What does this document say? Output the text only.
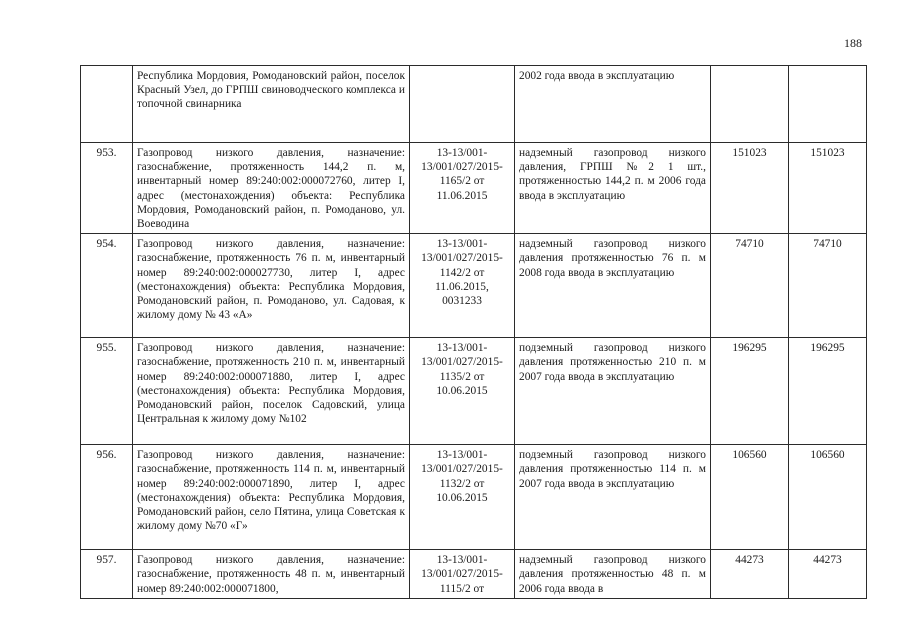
188
	Республика Мордовия, Ромодановский район, поселок Красный Узел, до ГРПШ свиноводческого комплекса и топочной свинарника		2002 года ввода в эксплуатацию		
953.	Газопровод низкого давления, назначение: газоснабжение, протяженность 144,2 п. м, инвентарный номер 89:240:002:000072760, литер I, адрес (местонахождения) объекта: Республика Мордовия, Ромодановский район, п. Ромоданово, ул. Воеводина	13-13/001-13/001/027/2015-1165/2 от 11.06.2015	надземный газопровод низкого давления, ГРПШ №2 1 шт., протяженностью 144,2 п. м 2006 года ввода в эксплуатацию	151023	151023
954.	Газопровод низкого давления, назначение: газоснабжение, протяженность 76 п. м, инвентарный номер 89:240:002:000027730, литер I, адрес (местонахождения) объекта: Республика Мордовия, Ромодановский район, п. Ромоданово, ул. Садовая, к жилому дому № 43 «А»	13-13/001-13/001/027/2015-1142/2 от 11.06.2015, 0031233	надземный газопровод низкого давления протяженностью 76 п. м 2008 года ввода в эксплуатацию	74710	74710
955.	Газопровод низкого давления, назначение: газоснабжение, протяженность 210 п. м, инвентарный номер 89:240:002:000071880, литер I, адрес (местонахождения) объекта: Республика Мордовия, Ромодановский район, поселок Садовский, улица Центральная к жилому дому №102	13-13/001-13/001/027/2015-1135/2 от 10.06.2015	подземный газопровод низкого давления протяженностью 210 п. м 2007 года ввода в эксплуатацию	196295	196295
956.	Газопровод низкого давления, назначение: газоснабжение, протяженность 114 п. м, инвентарный номер 89:240:002:000071890, литер I, адрес (местонахождения) объекта: Республика Мордовия, Ромодановский район, село Пятина, улица Советская к жилому дому №70 «Г»	13-13/001-13/001/027/2015-1132/2 от 10.06.2015	подземный газопровод низкого давления протяженностью 114 п. м 2007 года ввода в эксплуатацию	106560	106560
957.	Газопровод низкого давления, назначение: газоснабжение, протяженность 48 п. м, инвентарный номер 89:240:002:000071800,	13-13/001-13/001/027/2015-1115/2 от	надземный газопровод низкого давления протяженностью 48 п. м 2006 года ввода в	44273	44273
